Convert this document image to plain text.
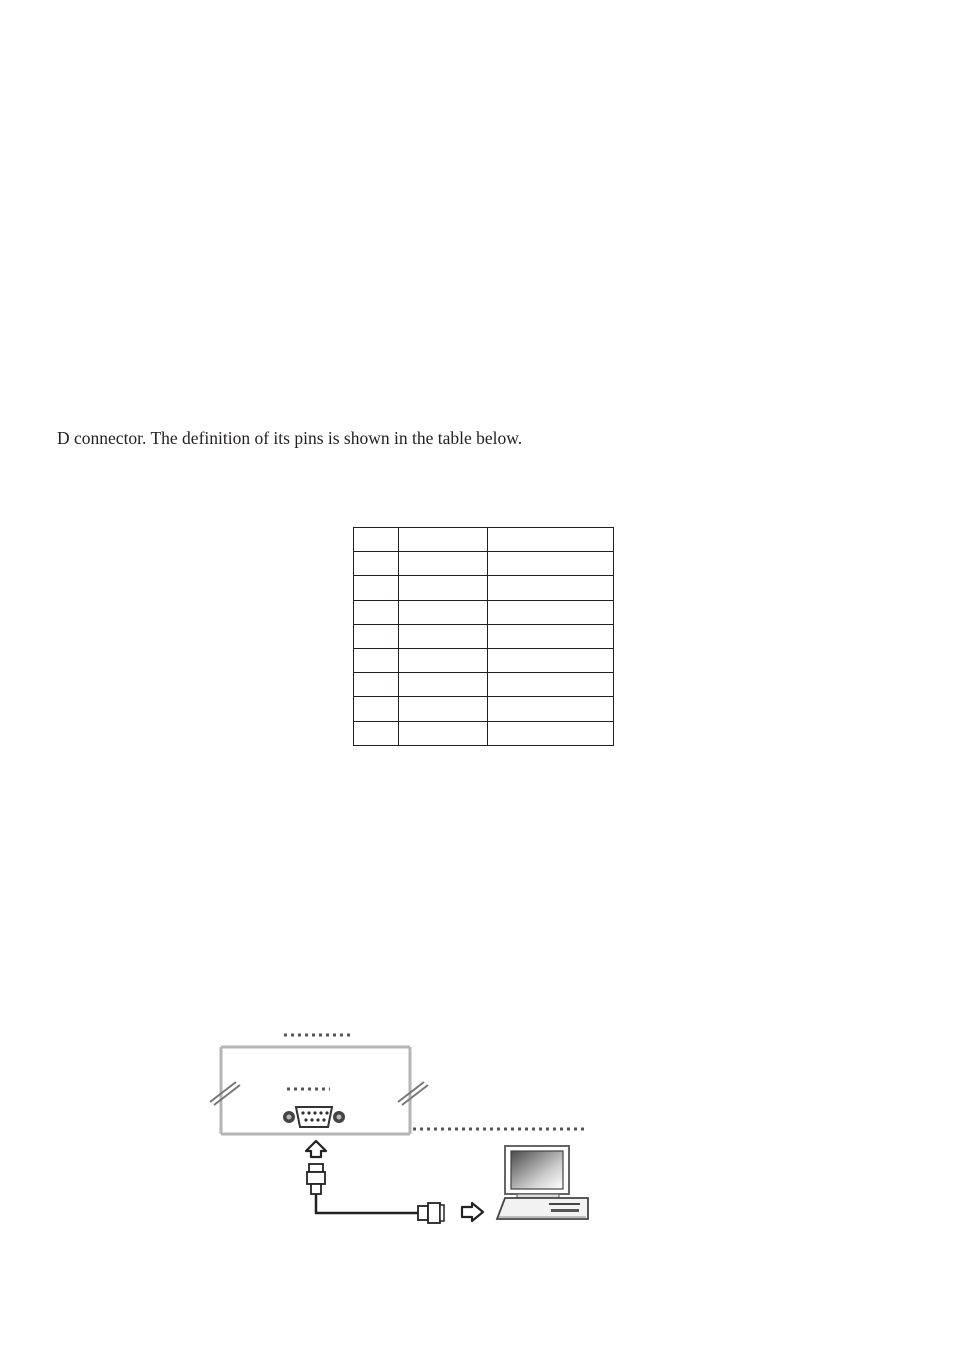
D connector. The definition of its pins is shown in the table below.
